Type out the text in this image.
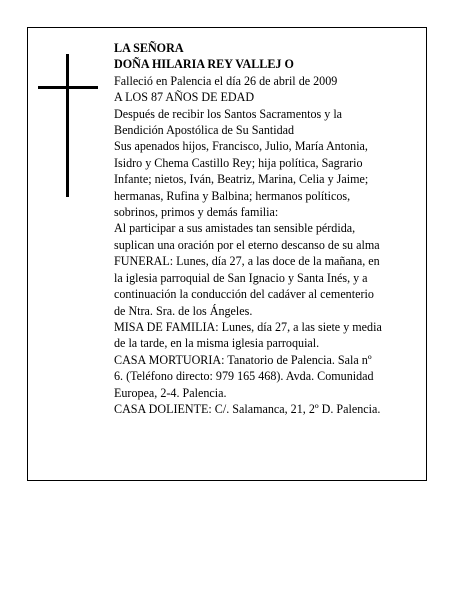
LA SEÑORA
DOÑA HILARIA REY VALLEJ O
Falleció en Palencia el día 26 de abril de 2009
A LOS 87 AÑOS DE EDAD
Después de recibir los Santos Sacramentos y la
Bendición Apostólica de Su Santidad
Sus apenados hijos, Francisco, Julio, María Antonia,
Isidro y Chema Castillo Rey; hija política, Sagrario
Infante; nietos, Iván, Beatriz, Marina, Celia y Jaime;
hermanas, Rufina y Balbina; hermanos políticos,
sobrinos, primos y demás familia:
Al participar a sus amistades tan sensible pérdida,
suplican una oración por el eterno descanso de su alma
FUNERAL: Lunes, día 27, a las doce de la mañana, en
la iglesia parroquial de San Ignacio y Santa Inés, y a
continuación la conducción del cadáver al cementerio
de Ntra. Sra. de los Ángeles.
MISA DE FAMILIA: Lunes, día 27, a las siete y media
de la tarde, en la misma iglesia parroquial.
CASA MORTUORIA: Tanatorio de Palencia. Sala nº
6. (Teléfono directo: 979 165 468). Avda. Comunidad
Europea, 2-4. Palencia.
CASA DOLIENTE: C/. Salamanca, 21, 2º D. Palencia.
